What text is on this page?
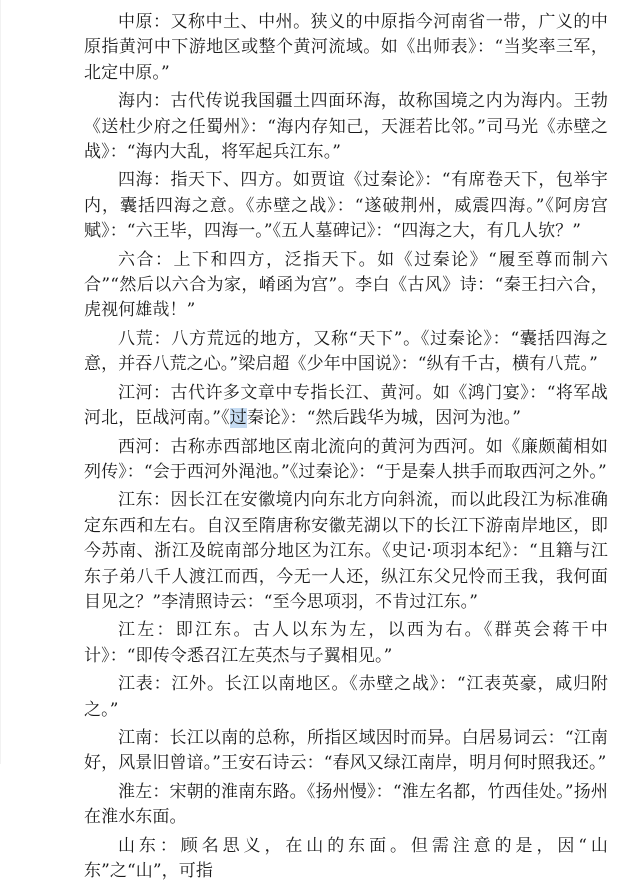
中原：又称中土、中州。狭义的中原指今河南省一带，广义的中原指黄河中下游地区或整个黄河流域。如《出师表》：“当奖率三军，北定中原。”

海内：古代传说我国疆土四面环海，故称国境之内为海内。王勃《送杜少府之任蜀州》：“海内存知己，天涯若比邻。”司马光《赤壁之战》：“海内大乱，将军起兵江东。”

四海：指天下、四方。如贾谊《过秦论》：“有席卷天下，包举宇内，囊括四海之意。《赤壁之战》：“遂破荆州，威震四海。”《阿房宫赋》：“六王毕，四海一。”《五人墓碑记》：“四海之大，有几人欤？”

六合：上下和四方，泛指天下。如《过秦论》“履至尊而制六合”“然后以六合为家，崤函为宫”。李白《古风》诗：“秦王扫六合，虎视何雄哉！”

八荒：八方荒远的地方，又称“天下”。《过秦论》：“囊括四海之意，并吞八荒之心。”梁启超《少年中国说》：“纵有千古，横有八荒。”

江河：古代许多文章中专指长江、黄河。如《鸿门宴》：“将军战河北，臣战河南。”《过秦论》：“然后践华为城，因河为池。”

西河：古称赤西部地区南北流向的黄河为西河。如《廉颇蔺相如列传》：“会于西河外渑池。”《过秦论》：“于是秦人拱手而取西河之外。”

江东：因长江在安徽境内向东北方向斜流，而以此段江为标准确定东西和左右。自汉至隋唐称安徽芜湖以下的长江下游南岸地区，即今苏南、浙江及皖南部分地区为江东。《史记·项羽本纪》：“且籍与江东子弟八千人渡江而西，今无一人还，纵江东父兄怜而王我，我何面目见之？”李清照诗云：“至今思项羽，不肯过江东。”

江左：即江东。古人以东为左，以西为右。《群英会蒋干中计》：“即传令悉召江左英杰与子翼相见。”

江表：江外。长江以南地区。《赤壁之战》：“江表英豪，咸归附之。”

江南：长江以南的总称，所指区域因时而异。白居易词云：“江南好，风景旧曾谙。”王安石诗云：“春风又绿江南岸，明月何时照我还。”

淮左：宋朝的淮南东路。《扬州慢》：“淮左名都，竹西佳处。”扬州在淮水东面。

山东：顾名思义，在山的东面。但需注意的是，因“山东”之“山”，可指
